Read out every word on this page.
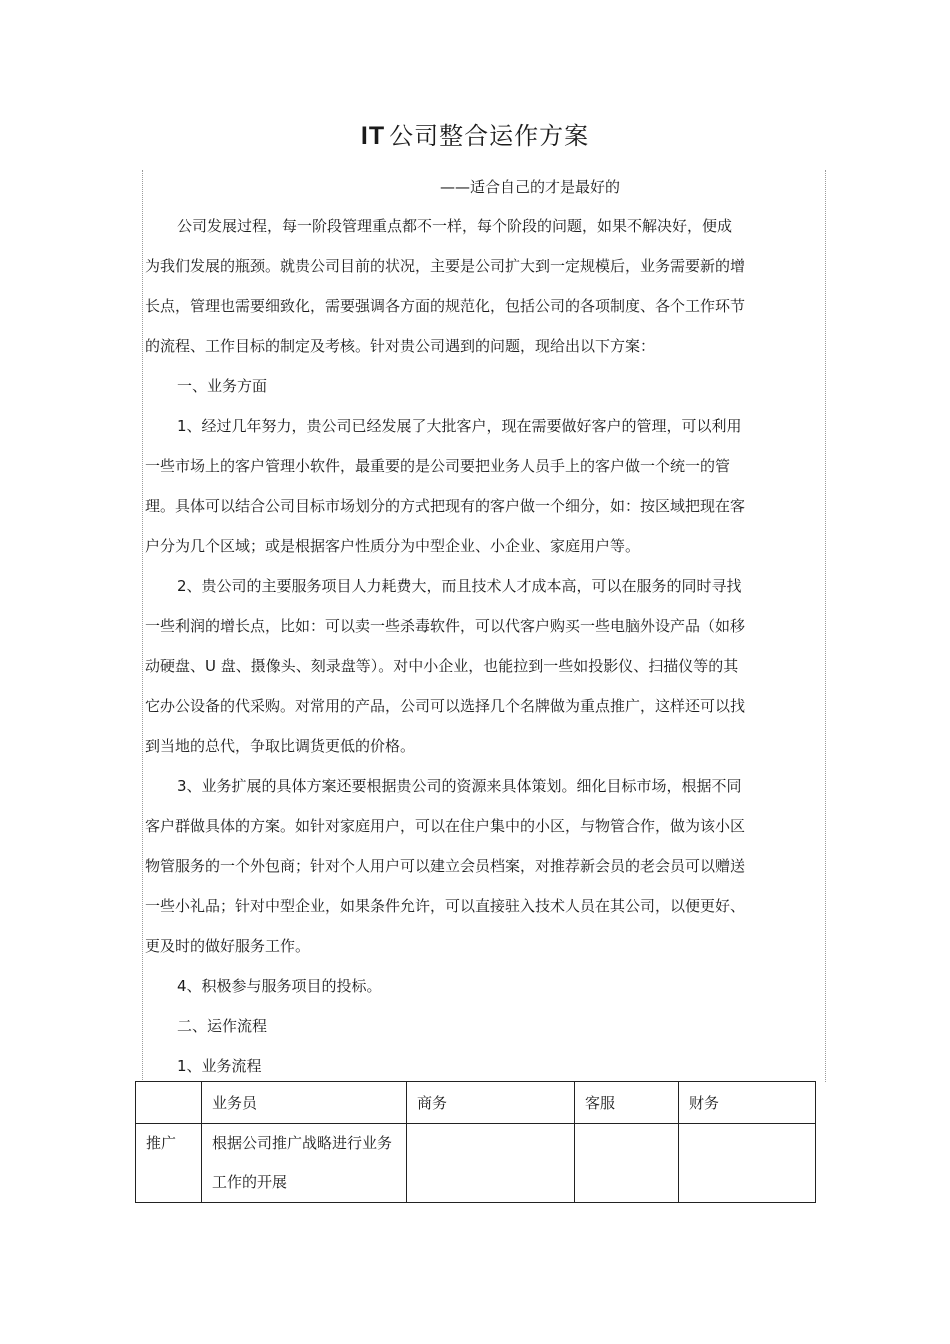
IT 公司整合运作方案
——适合自己的才是最好的
公司发展过程，每一阶段管理重点都不一样，每个阶段的问题，如果不解决好，便成
为我们发展的瓶颈。就贵公司目前的状况，主要是公司扩大到一定规模后，业务需要新的增
长点，管理也需要细致化，需要强调各方面的规范化，包括公司的各项制度、各个工作环节
的流程、工作目标的制定及考核。针对贵公司遇到的问题，现给出以下方案：
一、业务方面
1、经过几年努力，贵公司已经发展了大批客户，现在需要做好客户的管理，可以利用
一些市场上的客户管理小软件，最重要的是公司要把业务人员手上的客户做一个统一的管
理。具体可以结合公司目标市场划分的方式把现有的客户做一个细分，如：按区域把现在客
户分为几个区域；或是根据客户性质分为中型企业、小企业、家庭用户等。
2、贵公司的主要服务项目人力耗费大，而且技术人才成本高，可以在服务的同时寻找
一些利润的增长点，比如：可以卖一些杀毒软件，可以代客户购买一些电脑外设产品（如移
动硬盘、U 盘、摄像头、刻录盘等）。对中小企业，也能拉到一些如投影仪、扫描仪等的其
它办公设备的代采购。对常用的产品，公司可以选择几个名牌做为重点推广，这样还可以找
到当地的总代，争取比调货更低的价格。
3、业务扩展的具体方案还要根据贵公司的资源来具体策划。细化目标市场，根据不同
客户群做具体的方案。如针对家庭用户，可以在住户集中的小区，与物管合作，做为该小区
物管服务的一个外包商；针对个人用户可以建立会员档案，对推荐新会员的老会员可以赠送
一些小礼品；针对中型企业，如果条件允许，可以直接驻入技术人员在其公司，以便更好、
更及时的做好服务工作。
4、积极参与服务项目的投标。
二、运作流程
1、业务流程
	业务员	商务	客服	财务
推广	根据公司推广战略进行业务工作的开展			
